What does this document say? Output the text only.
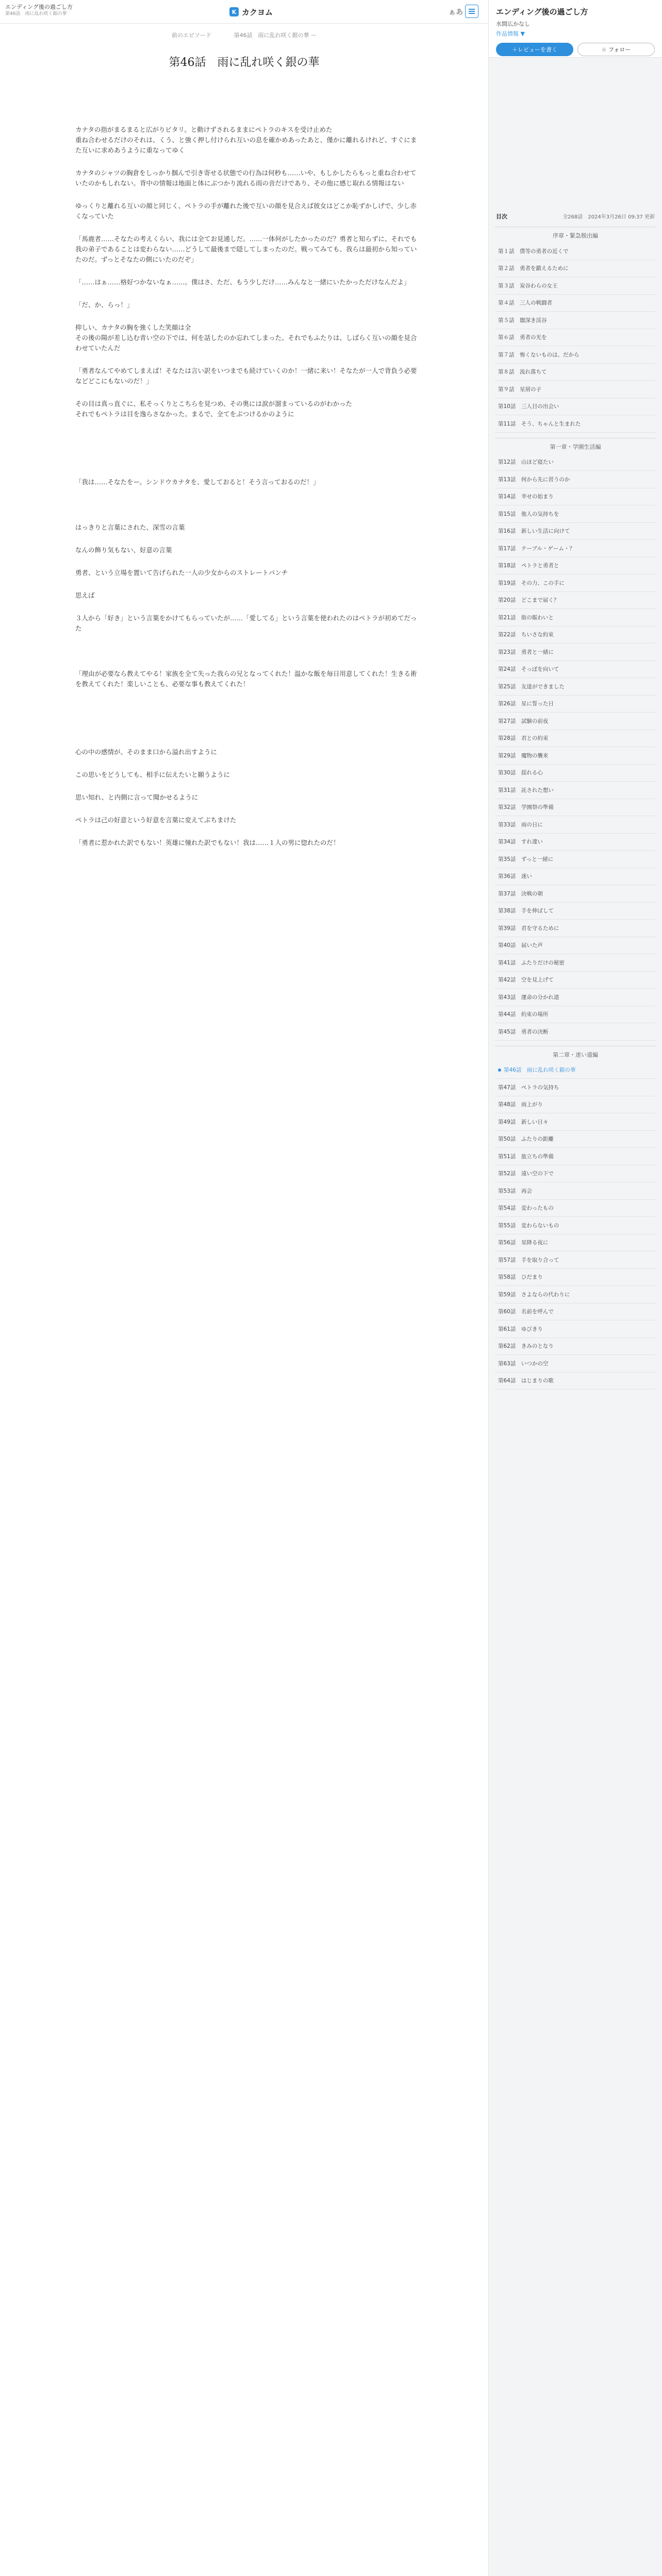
エンディング後の過ごし方
第46話　雨に乱れ咲く銀の華	K カクヨム	ぁあ
前のエピソード	第46話　雨に乱れ咲く銀の華 ー
第46話　雨に乱れ咲く銀の華

カナタの指がまるまると広がりピタリ。と動けずされるままにペトラのキスを受け止めた
重ね合わせるだけのそれは、くう、と強く押し付けられ互いの息を確かめあったあと、僅かに離れるけれど、すぐにまた互いに求めあうように重なってゆく

カナタのシャツの胸倉をしっかり掴んで引き寄せる状態での行為は何秒も……いや、もしかしたらもっと重ね合わせていたのかもしれない。背中の情報は地面と体にぶつかり流れる雨の音だけであり、その他に感じ取れる情報はない

ゆっくりと離れる互いの顔と同じく、ペトラの手が離れた後で互いの顔を見合えば彼女はどこか恥ずかしげで、少し赤くなっていた

「馬鹿者……そなたの考えくらい、我には全てお見通しだ。……一体何がしたかったのだ？勇者と知らずに、それでも我の弟子であることは変わらない……どうして最後まで隠してしまったのだ。戦ってみても、我らは最初から知っていたのだ。ずっとそなたの側にいたのだぞ」

「……はぁ……格好つかないなぁ……。僕はさ、ただ、もう少しだけ……みんなと一緒にいたかっただけなんだよ」

「だ、か、らっ！」

抑しい、カナタの胸を強くした笑顔は全
その後の陽が差し込む青い空の下では、何を話したのか忘れてしまった。それでもふたりは、しばらく互いの顔を見合わせていたんだ

「勇者なんてやめてしまえば！そなたは言い訳をいつまでも続けていくのか！一緒に来い！そなたが一人で背負う必要などどこにもないのだ！」

その目は真っ直ぐに、私そっくりとこちらを見つめ、その奥には涙が溜まっているのがわかった
それでもペトラは目を逸らさなかった。まるで、全てをぶつけるかのように

「我は……そなたをー。シンドウカナタを、愛しておると！そう言っておるのだ！」

はっきりと言葉にされた、深雪の言葉

なんの飾り気もない、好意の言葉

勇者、という立場を置いて告げられた一人の少女からのストレートパンチ

思えば

３人から「好き」という言葉をかけてもらっていたが……「愛してる」という言葉を使われたのはペトラが初めてだった

「理由が必要なら教えてやる！家族を全て失った我らの兄となってくれた！温かな飯を毎日用意してくれた！生きる術を教えてくれた！楽しいことも、必要な事も教えてくれた！

心の中の感情が、そのまま口から溢れ出すように

この思いをどうしても、相手に伝えたいと願うように

思い知れ、と内側に言って聞かせるように

ペトラは己の好意という好意を言葉に変えてぶちまけた

「勇者に惹かれた訳でもない！英雄に憧れた訳でもない！我は……１人の男に惚れたのだ！

エンディング後の過ごし方
水間広かなし
作品情報 ▼
＋レビューを書く	☆ フォロー
目次	全268話　2024年3月26日 09:37 更新
序章・緊急脱出編
第１話　僕等の勇者の近くで
第２話　勇者を鍛えるために
第３話　炭谷わらの女王
第４話　三人の戦闘者
第５話　闇深き渓谷
第６話　勇者の光を
第７話　怖くないものは、だから
第８話　流れ落ちて
第９話　星屑の子
第10話　三人目の出会い
第11話　そう、ちゃんと生まれた
第一章・学園生活編
第12話　山ほど寝たい
第13話　何から先に習うのか
第14話　幸せの始まり
第15話　他人の気持ちを
第16話　新しい生活に向けて
第17話　テーブル・ゲーム・？
第18話　ペトラと勇者と
第19話　その力、この手に
第20話　どこまで届く？
第21話　街の賑わいと
第22話　ちいさな約束
第23話　勇者と一緒に
第24話　そっぽを向いて
第25話　友達ができました
第26話　星に誓った日
第27話　試験の前夜
第28話　君との約束
第29話　魔物の襲来
第30話　揺れる心
第31話　託された想い
第32話　学園祭の準備
第33話　雨の日に
第34話　すれ違い
第35話　ずっと一緒に
第36話　迷い
第37話　決戦の朝
第38話　手を伸ばして
第39話　君を守るために
第40話　届いた声
第41話　ふたりだけの秘密
第42話　空を見上げて
第43話　運命の分かれ道
第44話　約束の場所
第45話　勇者の決断
第二章・迷い道編
第46話　雨に乱れ咲く銀の華
第47話　ペトラの気持ち
第48話　雨上がり
第49話　新しい日々
第50話　ふたりの距離
第51話　旅立ちの準備
第52話　遠い空の下で
第53話　再会
第54話　変わったもの
第55話　変わらないもの
第56話　星降る夜に
第57話　手を取り合って
第58話　ひだまり
第59話　さよならの代わりに
第60話　名前を呼んで
第61話　ゆびきり
第62話　きみのとなり
第63話　いつかの空
第64話　はじまりの歌
